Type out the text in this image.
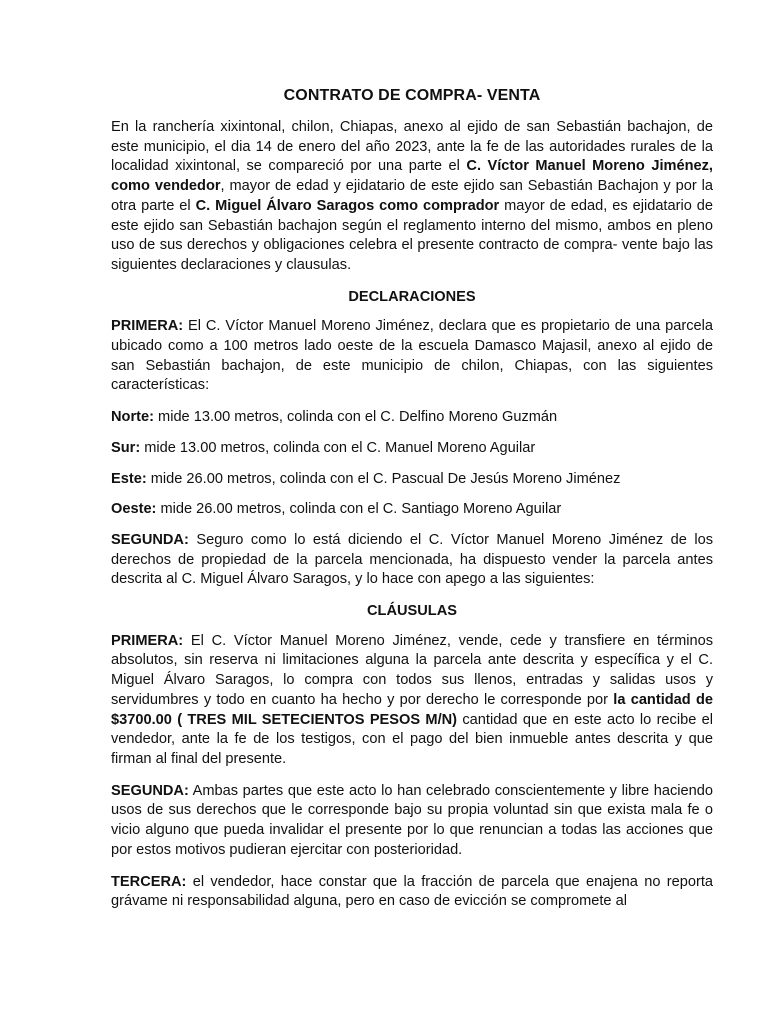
CONTRATO DE COMPRA- VENTA

En la ranchería xixintonal, chilon, Chiapas, anexo al ejido de san Sebastián bachajon, de este municipio, el dia 14 de enero del año 2023, ante la fe de las autoridades rurales de la localidad xixintonal, se compareció por una parte el C. Víctor Manuel Moreno Jiménez, como vendedor, mayor de edad y ejidatario de este ejido san Sebastián Bachajon y por la otra parte el C. Miguel Álvaro Saragos como comprador mayor de edad, es ejidatario de este ejido san Sebastián bachajon según el reglamento interno del mismo, ambos en pleno uso de sus derechos y obligaciones celebra el presente contracto de compra- vente bajo las siguientes declaraciones y clausulas.

DECLARACIONES

PRIMERA: El C. Víctor Manuel Moreno Jiménez, declara que es propietario de una parcela ubicado como a 100 metros lado oeste de la escuela Damasco Majasil, anexo al ejido de san Sebastián bachajon, de este municipio de chilon, Chiapas, con las siguientes características:

Norte: mide 13.00 metros, colinda con el C. Delfino Moreno Guzmán

Sur: mide 13.00 metros, colinda con el C. Manuel Moreno Aguilar

Este: mide 26.00 metros, colinda con el C. Pascual De Jesús Moreno Jiménez

Oeste: mide 26.00 metros, colinda con el C. Santiago Moreno Aguilar

SEGUNDA: Seguro como lo está diciendo el C. Víctor Manuel Moreno Jiménez de los derechos de propiedad de la parcela mencionada, ha dispuesto vender la parcela antes descrita al C. Miguel Álvaro Saragos, y lo hace con apego a las siguientes:

CLÁUSULAS

PRIMERA: El C. Víctor Manuel Moreno Jiménez, vende, cede y transfiere en términos absolutos, sin reserva ni limitaciones alguna la parcela ante descrita y específica y el C. Miguel Álvaro Saragos, lo compra con todos sus llenos, entradas y salidas usos y servidumbres y todo en cuanto ha hecho y por derecho le corresponde por la cantidad de $3700.00 ( TRES MIL SETECIENTOS PESOS M/N) cantidad que en este acto lo recibe el vendedor, ante la fe de los testigos, con el pago del bien inmueble antes descrita y que firman al final del presente.

SEGUNDA: Ambas partes que este acto lo han celebrado conscientemente y libre haciendo usos de sus derechos que le corresponde bajo su propia voluntad sin que exista mala fe o vicio alguno que pueda invalidar el presente por lo que renuncian a todas las acciones que por estos motivos pudieran ejercitar con posterioridad.

TERCERA: el vendedor, hace constar que la fracción de parcela que enajena no reporta grávame ni responsabilidad alguna, pero en caso de evicción se compromete al
